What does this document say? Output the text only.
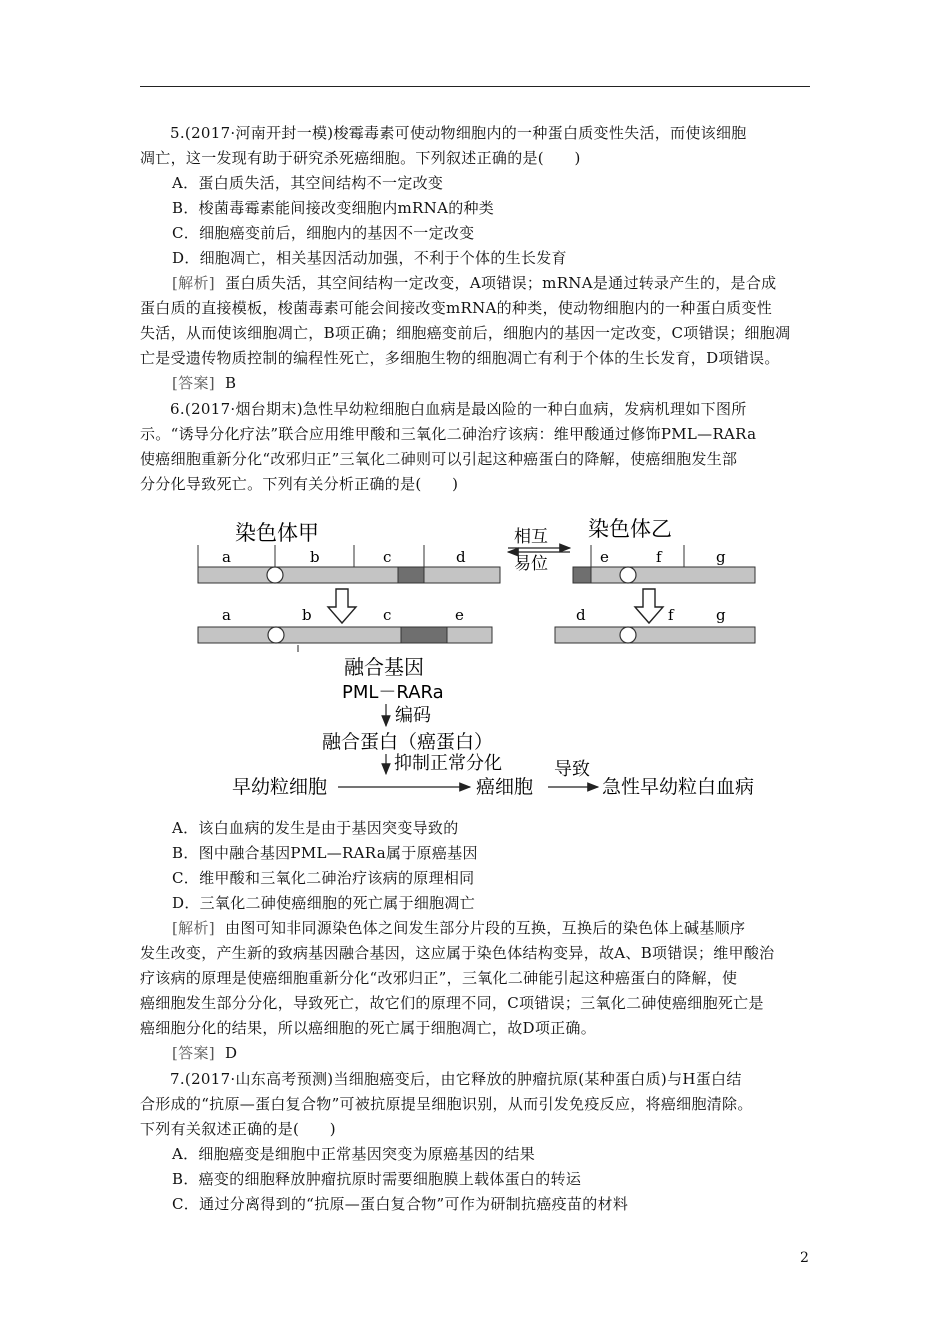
5.(2017·河南开封一模)梭霉毒素可使动物细胞内的一种蛋白质变性失活，而使该细胞
凋亡，这一发现有助于研究杀死癌细胞。下列叙述正确的是(　　)
A．蛋白质失活，其空间结构不一定改变
B．梭菌毒霉素能间接改变细胞内mRNA的种类
C．细胞癌变前后，细胞内的基因不一定改变
D．细胞凋亡，相关基因活动加强，不利于个体的生长发育
[解析] 蛋白质失活，其空间结构一定改变，A项错误；mRNA是通过转录产生的，是合成
蛋白质的直接模板，梭菌毒素可能会间接改变mRNA的种类，使动物细胞内的一种蛋白质变性
失活，从而使该细胞凋亡，B项正确；细胞癌变前后，细胞内的基因一定改变，C项错误；细胞凋
亡是受遗传物质控制的编程性死亡，多细胞生物的细胞凋亡有利于个体的生长发育，D项错误。
[答案] B
6.(2017·烟台期末)急性早幼粒细胞白血病是最凶险的一种白血病，发病机理如下图所
示。“诱导分化疗法”联合应用维甲酸和三氧化二砷治疗该病：维甲酸通过修饰PML—RARa
使癌细胞重新分化“改邪归正”三氧化二砷则可以引起这种癌蛋白的降解，使癌细胞发生部
分分化导致死亡。下列有关分析正确的是(　　)
染色体甲	染色体乙
相互
易位
a	b	c	d	e	f	g
a	b	c	e	d	f	g
融合基因
PML－RARa
编码
融合蛋白（癌蛋白）
抑制正常分化
早幼粒细胞	癌细胞
导致
急性早幼粒白血病
A．该白血病的发生是由于基因突变导致的
B．图中融合基因PML—RARa属于原癌基因
C．维甲酸和三氧化二砷治疗该病的原理相同
D．三氧化二砷使癌细胞的死亡属于细胞凋亡
[解析] 由图可知非同源染色体之间发生部分片段的互换，互换后的染色体上碱基顺序
发生改变，产生新的致病基因融合基因，这应属于染色体结构变异，故A、B项错误；维甲酸治
疗该病的原理是使癌细胞重新分化“改邪归正”，三氧化二砷能引起这种癌蛋白的降解，使
癌细胞发生部分分化，导致死亡，故它们的原理不同，C项错误；三氧化二砷使癌细胞死亡是
癌细胞分化的结果，所以癌细胞的死亡属于细胞凋亡，故D项正确。
[答案] D
7.(2017·山东高考预测)当细胞癌变后，由它释放的肿瘤抗原(某种蛋白质)与H蛋白结
合形成的“抗原—蛋白复合物”可被抗原提呈细胞识别，从而引发免疫反应，将癌细胞清除。
下列有关叙述正确的是(　　)
A．细胞癌变是细胞中正常基因突变为原癌基因的结果
B．癌变的细胞释放肿瘤抗原时需要细胞膜上载体蛋白的转运
C．通过分离得到的“抗原—蛋白复合物”可作为研制抗癌疫苗的材料
2
